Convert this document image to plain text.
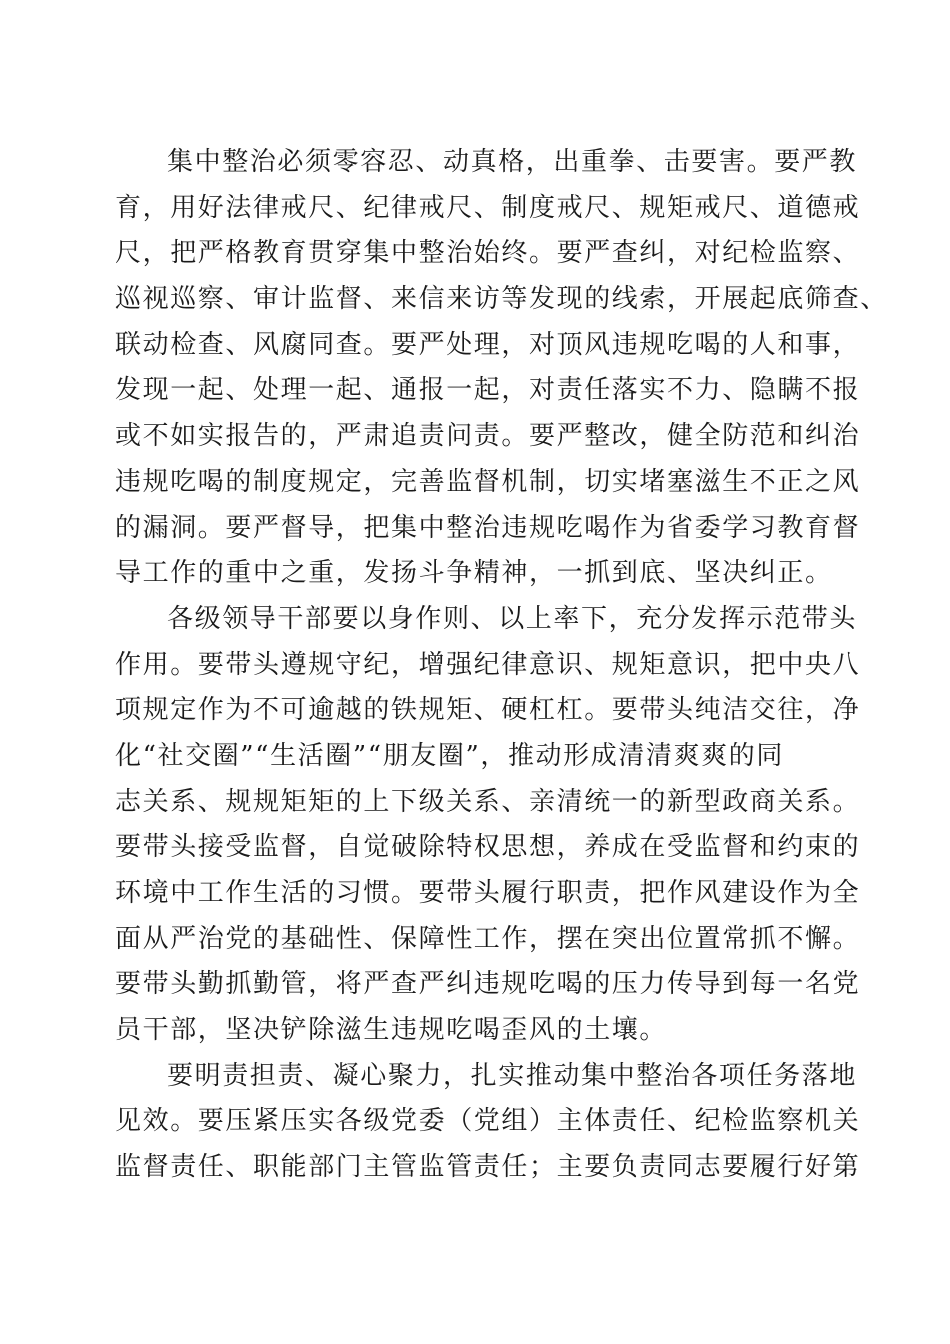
集中整治必须零容忍、动真格，出重拳、击要害。要严教
育，用好法律戒尺、纪律戒尺、制度戒尺、规矩戒尺、道德戒
尺，把严格教育贯穿集中整治始终。要严查纠，对纪检监察、
巡视巡察、审计监督、来信来访等发现的线索，开展起底筛查、
联动检查、风腐同查。要严处理，对顶风违规吃喝的人和事，
发现一起、处理一起、通报一起，对责任落实不力、隐瞒不报
或不如实报告的，严肃追责问责。要严整改，健全防范和纠治
违规吃喝的制度规定，完善监督机制，切实堵塞滋生不正之风
的漏洞。要严督导，把集中整治违规吃喝作为省委学习教育督
导工作的重中之重，发扬斗争精神，一抓到底、坚决纠正。
各级领导干部要以身作则、以上率下，充分发挥示范带头
作用。要带头遵规守纪，增强纪律意识、规矩意识，把中央八
项规定作为不可逾越的铁规矩、硬杠杠。要带头纯洁交往，净
化“社交圈”“生活圈”“朋友圈”，推动形成清清爽爽的同
志关系、规规矩矩的上下级关系、亲清统一的新型政商关系。
要带头接受监督，自觉破除特权思想，养成在受监督和约束的
环境中工作生活的习惯。要带头履行职责，把作风建设作为全
面从严治党的基础性、保障性工作，摆在突出位置常抓不懈。
要带头勤抓勤管，将严查严纠违规吃喝的压力传导到每一名党
员干部，坚决铲除滋生违规吃喝歪风的土壤。
要明责担责、凝心聚力，扎实推动集中整治各项任务落地
见效。要压紧压实各级党委（党组）主体责任、纪检监察机关
监督责任、职能部门主管监管责任；主要负责同志要履行好第
